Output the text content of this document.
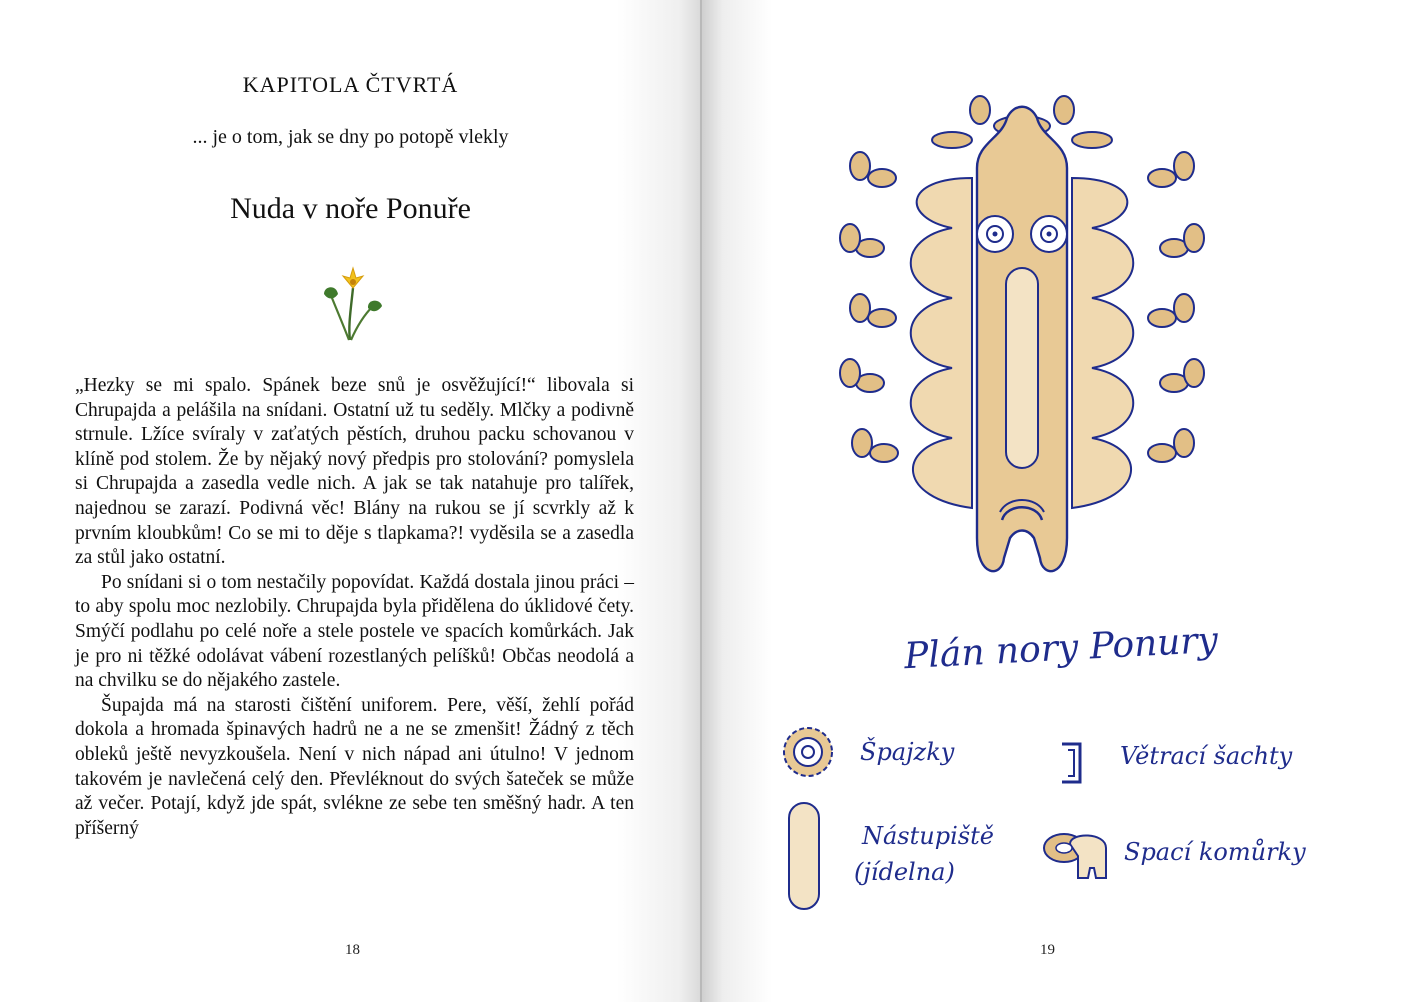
KAPITOLA ČTVRTÁ
... je o tom, jak se dny po potopě vlekly
Nuda v noře Ponuře

„Hezky se mi spalo. Spánek beze snů je osvěžující!“ libovala si Chrupajda a pelášila na snídani. Ostatní už tu seděly. Mlčky a podivně strnule. Lžíce svíraly v zaťatých pěstích, druhou packu schovanou v klíně pod stolem. Že by nějaký nový předpis pro stolování? pomyslela si Chrupajda a zasedla vedle nich. A jak se tak natahuje pro talířek, najednou se zarazí. Podivná věc! Blány na rukou se jí scvrkly až k prvním kloubkům! Co se mi to děje s tlapkama?! vyděsila se a zasedla za stůl jako ostatní.

Po snídani si o tom nestačily popovídat. Každá dostala jinou práci – to aby spolu moc nezlobily. Chrupajda byla přidělena do úklidové čety. Smýčí podlahu po celé noře a stele postele ve spacích komůrkách. Jak je pro ni těžké odolávat vábení rozestlaných pelíšků! Občas neodolá a na chvilku se do nějakého zastele.

Šupajda má na starosti čištění uniforem. Pere, věší, žehlí pořád dokola a hromada špinavých hadrů ne a ne se zmenšit! Žádný z těch obleků ještě nevyzkoušela. Není v nich nápad ani útulno! V jednom takovém je navlečená celý den. Převléknout do svých šateček se může až večer. Potají, když jde spát, svlékne ze sebe ten směšný hadr. A ten příšerný

18
Plán nory Ponury
Špajzky	Větrací šachty
Nástupiště
(jídelna)
Spací komůrky
19
